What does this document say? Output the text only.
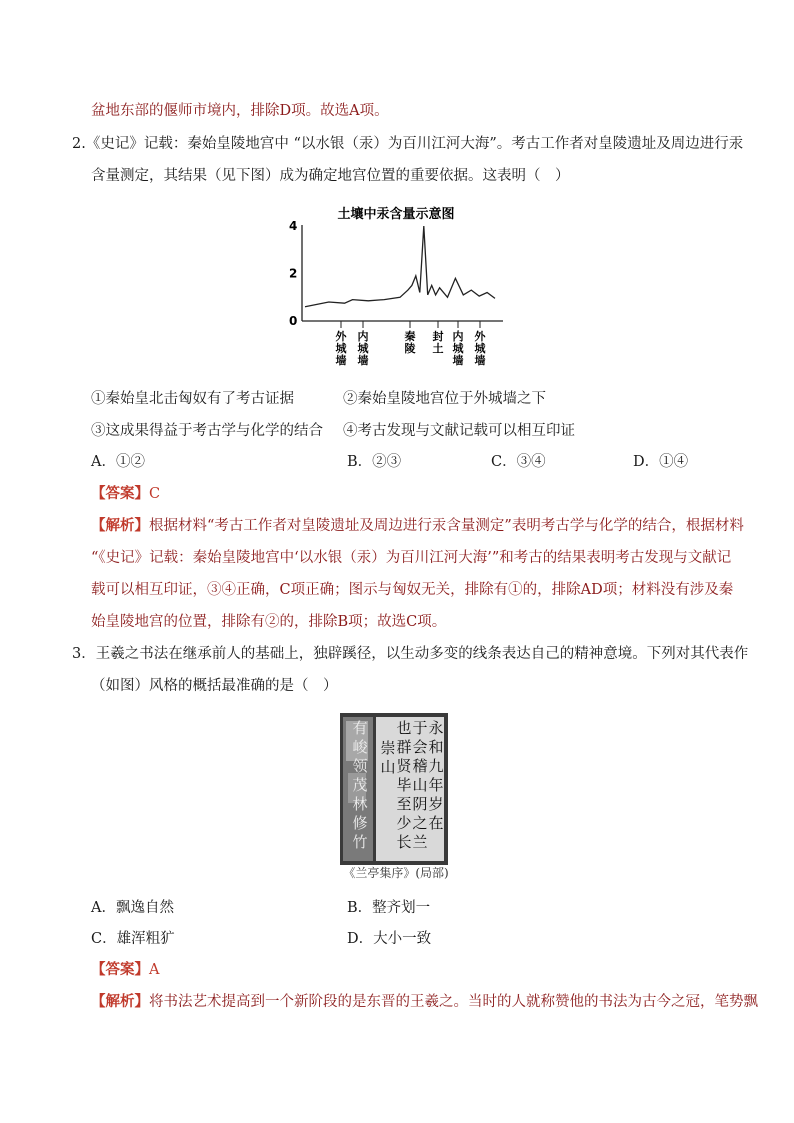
盆地东部的偃师市境内，排除D项。故选A项。
2.《史记》记载：秦始皇陵地宫中 “以水银（汞）为百川江河大海”。考古工作者对皇陵遗址及周边进行汞
含量测定，其结果（见下图）成为确定地宫位置的重要依据。这表明（　）
土壤中汞含量示意图
4
2
0
外城墙
内城墙
秦陵
封土
内城墙
外城墙
①秦始皇北击匈奴有了考古证据	②秦始皇陵地宫位于外城墙之下
③这成果得益于考古学与化学的结合 ④考古发现与文献记载可以相互印证
A．①②	B．②③	C．③④	D．①④
【答案】C
【解析】根据材料“考古工作者对皇陵遗址及周边进行汞含量测定”表明考古学与化学的结合，根据材料
“《史记》记载：秦始皇陵地宫中‘以水银（汞）为百川江河大海’”和考古的结果表明考古发现与文献记
载可以相互印证，③④正确，C项正确；图示与匈奴无关，排除有①的，排除AD项；材料没有涉及秦
始皇陵地宫的位置，排除有②的，排除B项；故选C项。
3．王羲之书法在继承前人的基础上，独辟蹊径，以生动多变的线条表达自己的精神意境。下列对其代表作
（如图）风格的概括最准确的是（　）
永和九年岁在
于会稽山阴之兰
也群贤毕至少长
崇山
有峻领茂林修竹
《兰亭集序》(局部)
A．飘逸自然	B．整齐划一
C．雄浑粗犷	D．大小一致
【答案】A
【解析】将书法艺术提高到一个新阶段的是东晋的王羲之。当时的人就称赞他的书法为古今之冠，笔势飘
